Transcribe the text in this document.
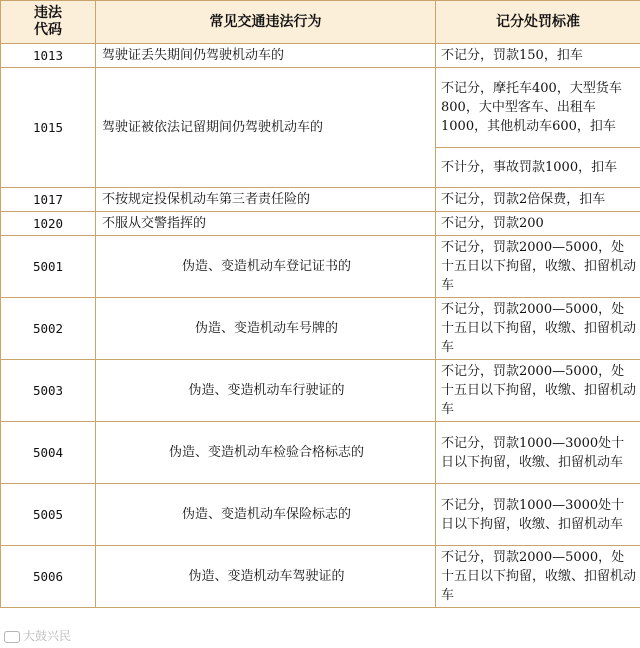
违法
代码	常见交通违法行为	记分处罚标准
1013	驾驶证丢失期间仍驾驶机动车的	不记分，罚款150，扣车
1015	驾驶证被依法记留期间仍驾驶机动车的	不记分，摩托车400，大型货车800，大中型客车、出租车1000，其他机动车600，扣车
		不计分，事故罚款1000，扣车
1017	不按规定投保机动车第三者责任险的	不记分，罚款2倍保费，扣车
1020	不服从交警指挥的	不记分，罚款200
5001	伪造、变造机动车登记证书的	不记分，罚款2000—5000，处十五日以下拘留，收缴、扣留机动车
5002	伪造、变造机动车号牌的	不记分，罚款2000—5000，处十五日以下拘留，收缴、扣留机动车
5003	伪造、变造机动车行驶证的	不记分，罚款2000—5000，处十五日以下拘留，收缴、扣留机动车
5004	伪造、变造机动车检验合格标志的	不记分，罚款1000—3000处十日以下拘留，收缴、扣留机动车
5005	伪造、变造机动车保险标志的	不记分，罚款1000—3000处十日以下拘留，收缴、扣留机动车
5006	伪造、变造机动车驾驶证的	不记分，罚款2000—5000，处十五日以下拘留，收缴、扣留机动车
大鼓兴民
